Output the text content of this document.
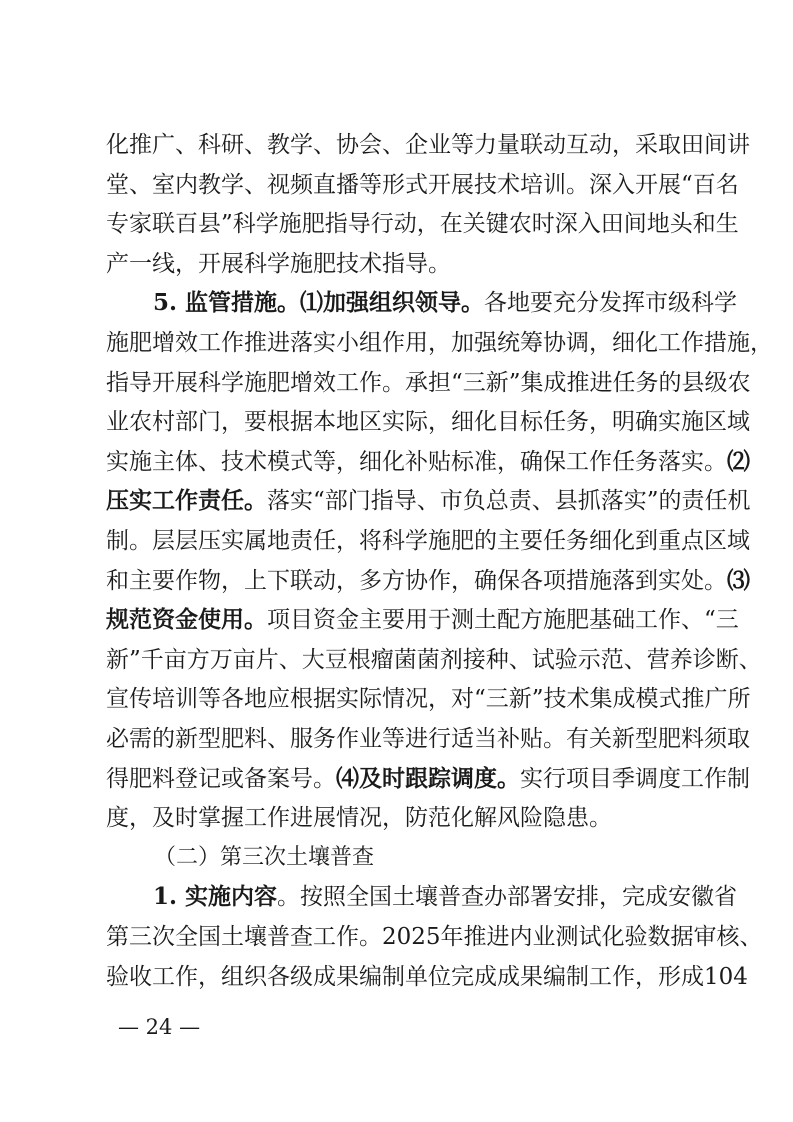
化推广、科研、教学、协会、企业等力量联动互动，采取田间讲
堂、室内教学、视频直播等形式开展技术培训。深入开展“百名
专家联百县”科学施肥指导行动，在关键农时深入田间地头和生
产一线，开展科学施肥技术指导。
5. 监管措施。⑴加强组织领导。各地要充分发挥市级科学
施肥增效工作推进落实小组作用，加强统筹协调，细化工作措施，
指导开展科学施肥增效工作。承担“三新”集成推进任务的县级农
业农村部门，要根据本地区实际，细化目标任务，明确实施区域
实施主体、技术模式等，细化补贴标准，确保工作任务落实。⑵
压实工作责任。落实“部门指导、市负总责、县抓落实”的责任机
制。层层压实属地责任，将科学施肥的主要任务细化到重点区域
和主要作物，上下联动，多方协作，确保各项措施落到实处。⑶
规范资金使用。项目资金主要用于测土配方施肥基础工作、“三
新”千亩方万亩片、大豆根瘤菌菌剂接种、试验示范、营养诊断、
宣传培训等各地应根据实际情况，对“三新”技术集成模式推广所
必需的新型肥料、服务作业等进行适当补贴。有关新型肥料须取
得肥料登记或备案号。⑷及时跟踪调度。实行项目季调度工作制
度，及时掌握工作进展情况，防范化解风险隐患。
（二）第三次土壤普查
1. 实施内容。按照全国土壤普查办部署安排，完成安徽省
第三次全国土壤普查工作。2025年推进内业测试化验数据审核、
验收工作，组织各级成果编制单位完成成果编制工作，形成104
— 24 —
